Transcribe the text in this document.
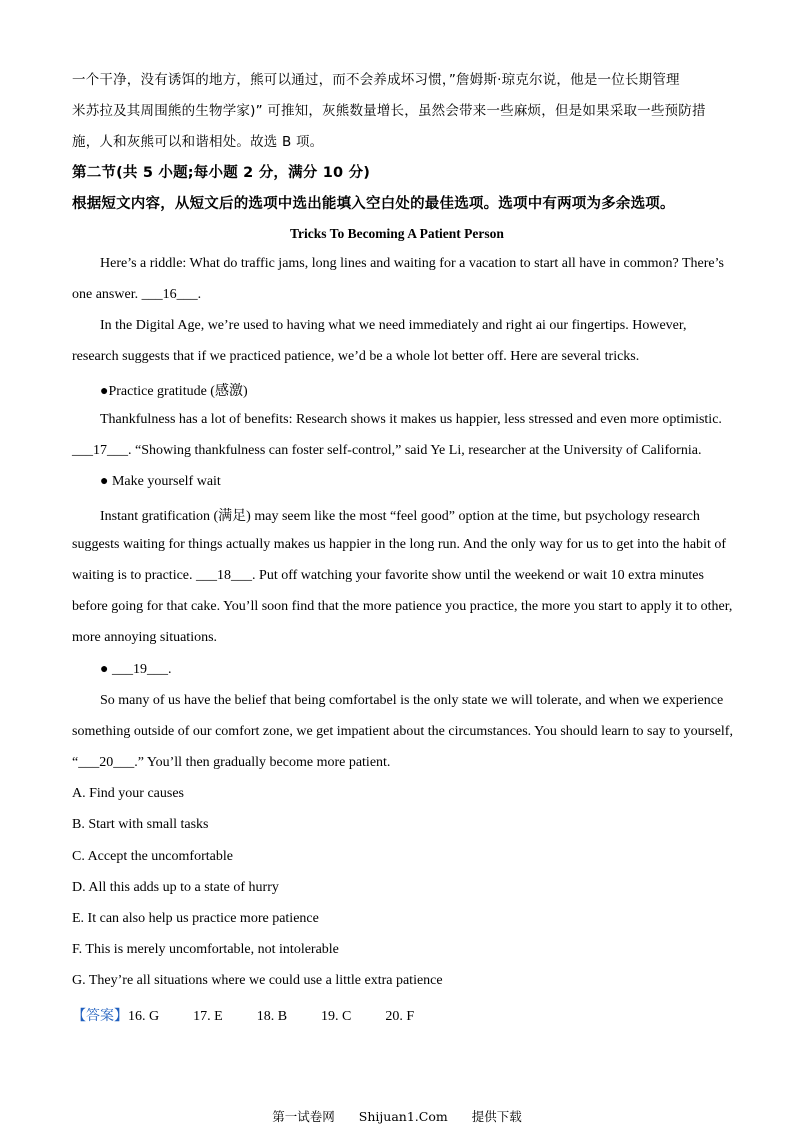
一个干净，没有诱饵的地方，熊可以通过，而不会养成坏习惯，”詹姆斯·琼克尔说，他是一位长期管理
米苏拉及其周围熊的生物学家)” 可推知，灰熊数量增长，虽然会带来一些麻烦，但是如果采取一些预防措
施，人和灰熊可以和谐相处。故选 B 项。
第二节(共 5 小题;每小题 2 分，满分 10 分)
根据短文内容，从短文后的选项中选出能填入空白处的最佳选项。选项中有两项为多余选项。
Tricks To Becoming A Patient Person
Here’s a riddle: What do traffic jams, long lines and waiting for a vacation to start all have in common? There’s
one answer. ___16___.
In the Digital Age, we’re used to having what we need immediately and right ai our fingertips. However,
research suggests that if we practiced patience, we’d be a whole lot better off. Here are several tricks.
●Practice gratitude (感激)
Thankfulness has a lot of benefits: Research shows it makes us happier, less stressed and even more optimistic.
___17___. “Showing thankfulness can foster self-control,” said Ye Li, researcher at the University of California.
● Make yourself wait
Instant gratification (满足) may seem like the most “feel good” option at the time, but psychology research
suggests waiting for things actually makes us happier in the long run. And the only way for us to get into the habit of
waiting is to practice. ___18___. Put off watching your favorite show until the weekend or wait 10 extra minutes
before going for that cake. You’ll soon find that the more patience you practice, the more you start to apply it to other,
more annoying situations.
● ___19___.
So many of us have the belief that being comfortabel is the only state we will tolerate, and when we experience
something outside of our comfort zone, we get impatient about the circumstances. You should learn to say to yourself,
“___20___.” You’ll then gradually become more patient.
A. Find your causes
B. Start with small tasks
C. Accept the uncomfortable
D. All this adds up to a state of hurry
E. It can also help us practice more patience
F. This is merely uncomfortable, not intolerable
G. They’re all situations where we could use a little extra patience
【答案】16. G 17. E 18. B 19. C 20. F
第一试卷网 Shijuan1.Com 提供下载
